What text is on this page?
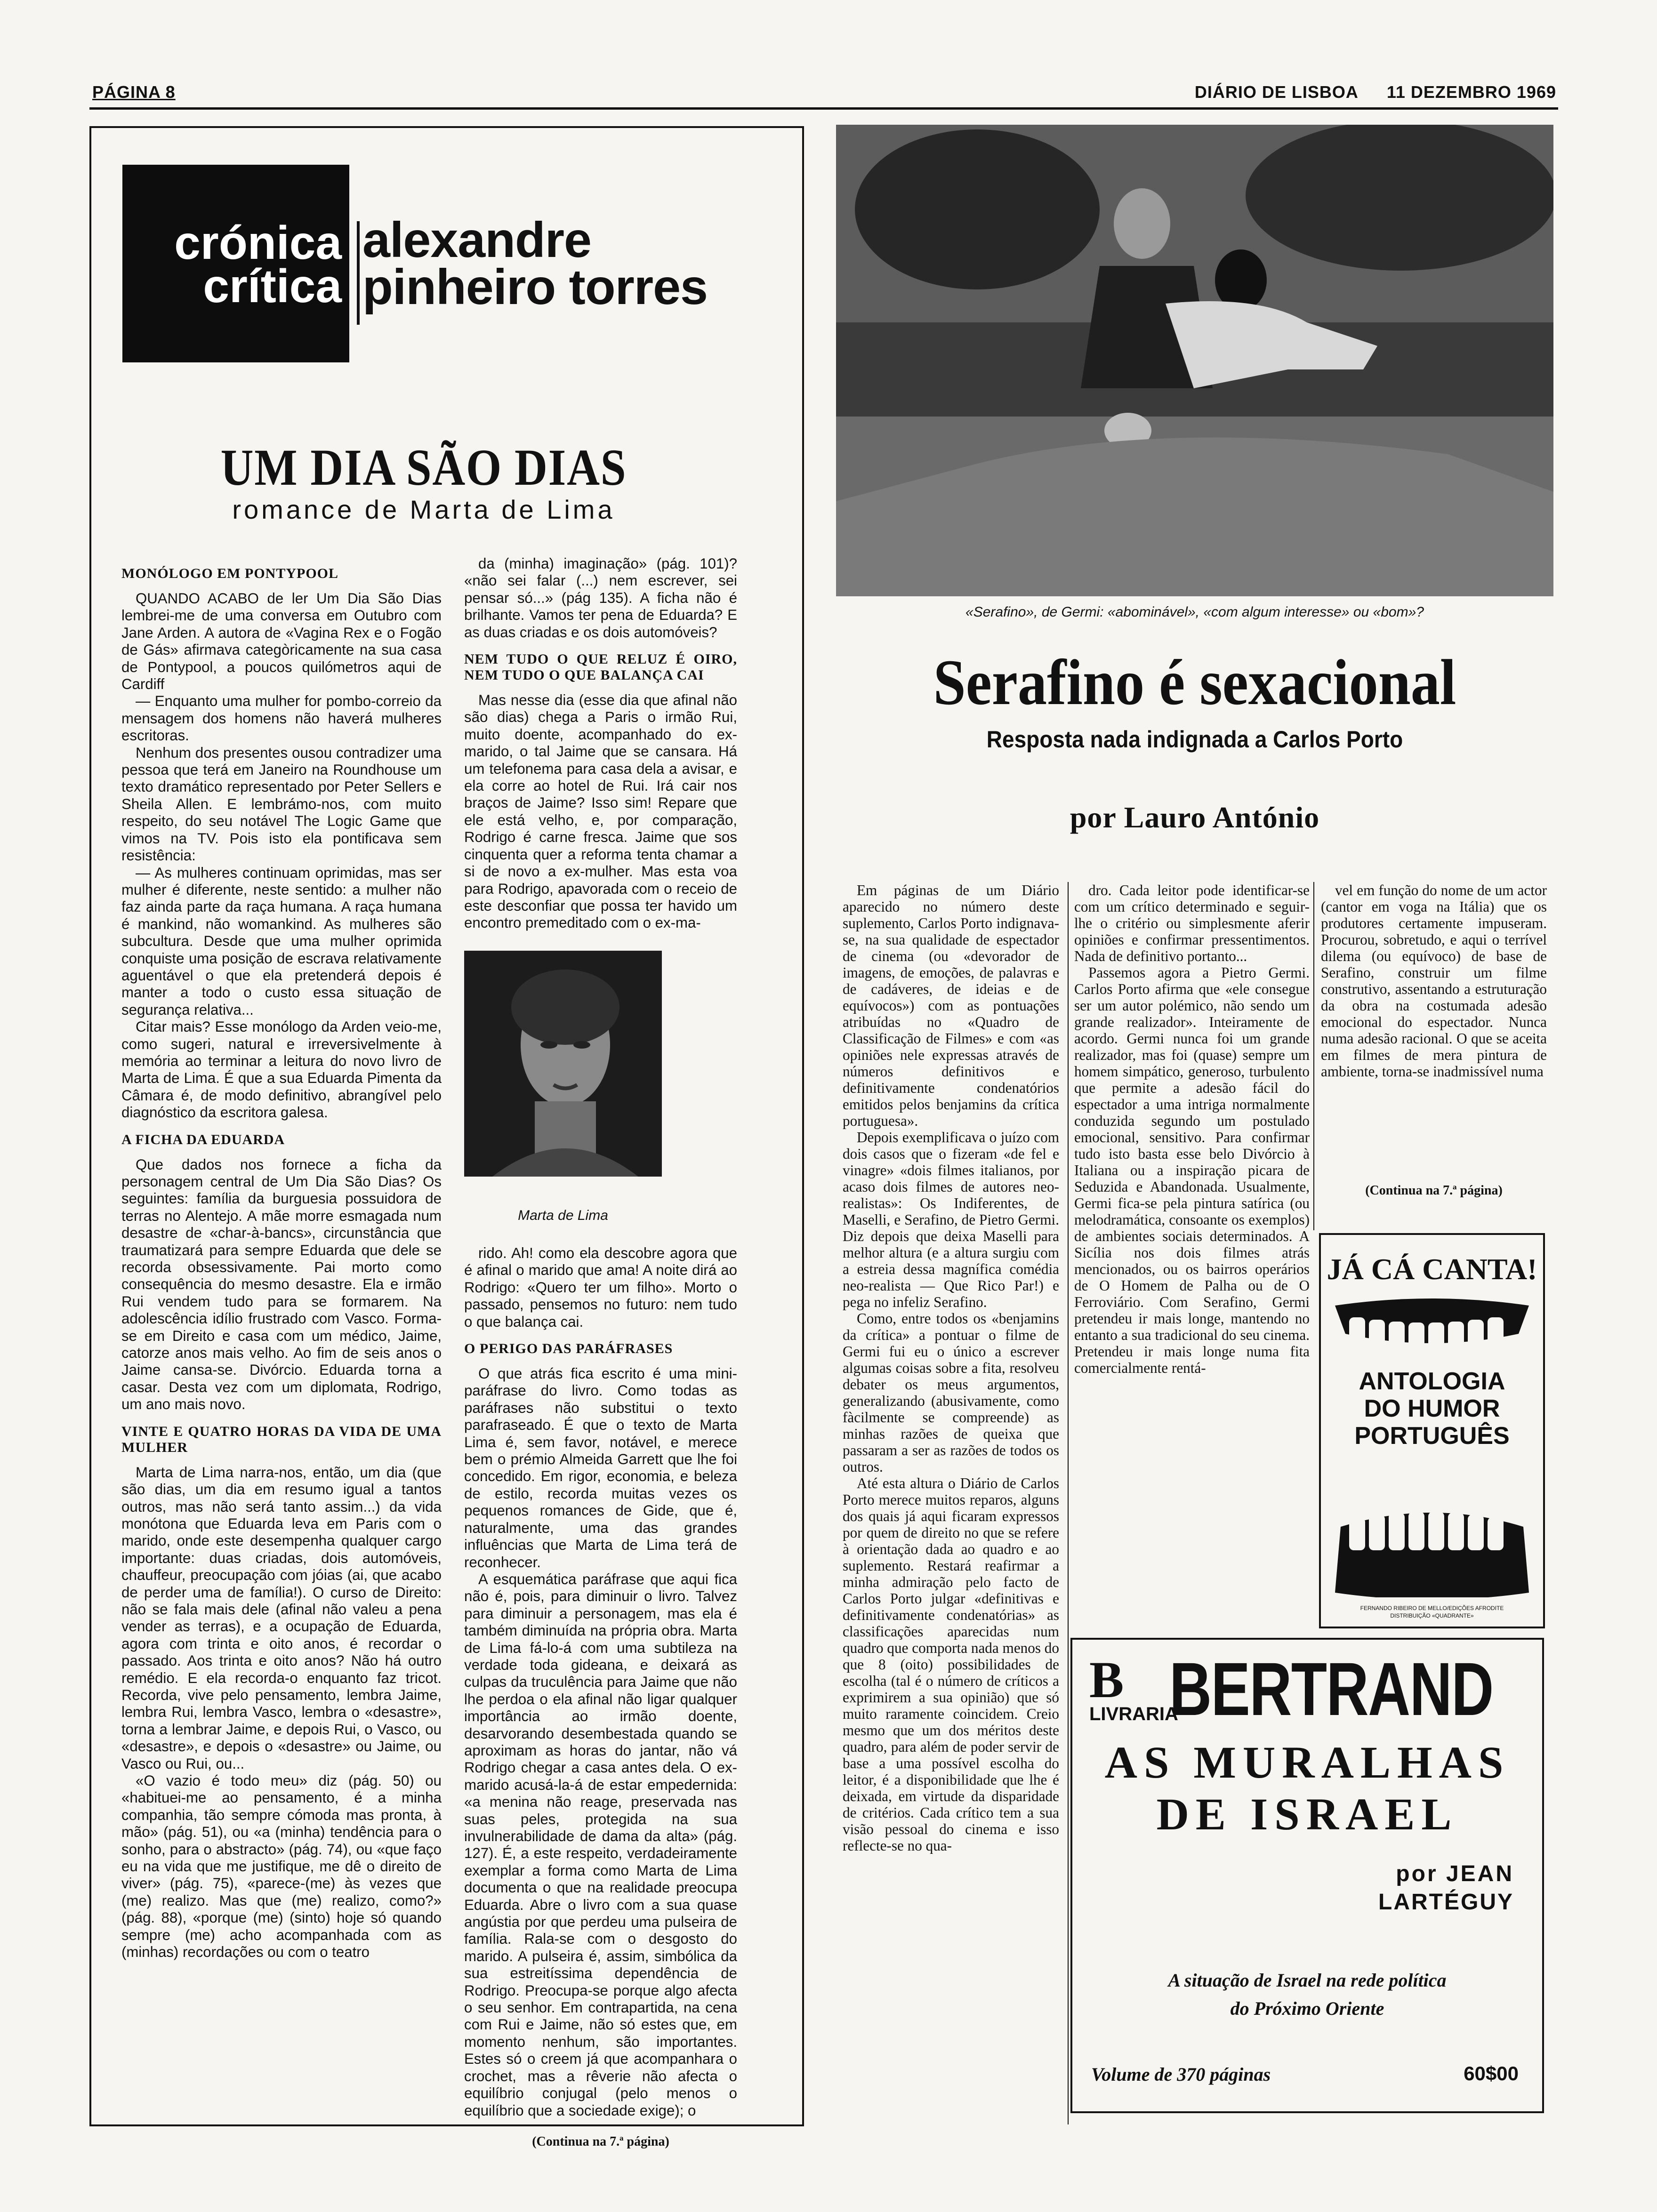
PÁGINA 8	DIÁRIO DE LISBOA 11 DEZEMBRO 1969
crónica
crítica
alexandre
pinheiro torres
UM DIA SÃO DIAS
romance de Marta de Lima

MONÓLOGO EM PONTYPOOL

QUANDO ACABO de ler Um Dia São Dias lembrei-me de uma conversa em Outubro com Jane Arden. A autora de «Vagina Rex e o Fogão de Gás» afirmava categòricamente na sua casa de Pontypool, a poucos quilómetros aqui de Cardiff

— Enquanto uma mulher for pombo-correio da mensagem dos homens não haverá mulheres escritoras.

Nenhum dos presentes ousou contradizer uma pessoa que terá em Janeiro na Roundhouse um texto dramático representado por Peter Sellers e Sheila Allen. E lembrámo-nos, com muito respeito, do seu notável The Logic Game que vimos na TV. Pois isto ela pontificava sem resistência:

— As mulheres continuam oprimidas, mas ser mulher é diferente, neste sentido: a mulher não faz ainda parte da raça humana. A raça humana é mankind, não womankind. As mulheres são subcultura. Desde que uma mulher oprimida conquiste uma posição de escrava relativamente aguentável o que ela pretenderá depois é manter a todo o custo essa situação de segurança relativa...

Citar mais? Esse monólogo da Arden veio-me, como sugeri, natural e irreversivelmente à memória ao terminar a leitura do novo livro de Marta de Lima. É que a sua Eduarda Pimenta da Câmara é, de modo definitivo, abrangível pelo diagnóstico da escritora galesa.

A FICHA DA EDUARDA

Que dados nos fornece a ficha da personagem central de Um Dia São Dias? Os seguintes: família da burguesia possuidora de terras no Alentejo. A mãe morre esmagada num desastre de «char-à-bancs», circunstância que traumatizará para sempre Eduarda que dele se recorda obsessivamente. Pai morto como consequência do mesmo desastre. Ela e irmão Rui vendem tudo para se formarem. Na adolescência idílio frustrado com Vasco. Forma-se em Direito e casa com um médico, Jaime, catorze anos mais velho. Ao fim de seis anos o Jaime cansa-se. Divórcio. Eduarda torna a casar. Desta vez com um diplomata, Rodrigo, um ano mais novo.

VINTE E QUATRO HORAS DA VIDA DE UMA MULHER

Marta de Lima narra-nos, então, um dia (que são dias, um dia em resumo igual a tantos outros, mas não será tanto assim...) da vida monótona que Eduarda leva em Paris com o marido, onde este desempenha qualquer cargo importante: duas criadas, dois automóveis, chauffeur, preocupação com jóias (ai, que acabo de perder uma de família!). O curso de Direito: não se fala mais dele (afinal não valeu a pena vender as terras), e a ocupação de Eduarda, agora com trinta e oito anos, é recordar o passado. Aos trinta e oito anos? Não há outro remédio. E ela recorda-o enquanto faz tricot. Recorda, vive pelo pensamento, lembra Jaime, lembra Rui, lembra Vasco, lembra o «desastre», torna a lembrar Jaime, e depois Rui, o Vasco, ou «desastre», e depois o «desastre» ou Jaime, ou Vasco ou Rui, ou...

«O vazio é todo meu» diz (pág. 50) ou «habituei-me ao pensamento, é a minha companhia, tão sempre cómoda mas pronta, à mão» (pág. 51), ou «a (minha) tendência para o sonho, para o abstracto» (pág. 74), ou «que faço eu na vida que me justifique, me dê o direito de viver» (pág. 75), «parece-(me) às vezes que (me) realizo. Mas que (me) realizo, como?» (pág. 88), «porque (me) (sinto) hoje só quando sempre (me) acho acompanhada com as (minhas) recordações ou com o teatro

da (minha) imaginação» (pág. 101)? «não sei falar (...) nem escrever, sei pensar só...» (pág 135). A ficha não é brilhante. Vamos ter pena de Eduarda? E as duas criadas e os dois automóveis?

NEM TUDO O QUE RELUZ É OIRO, NEM TUDO O QUE BALANÇA CAI

Mas nesse dia (esse dia que afinal não são dias) chega a Paris o irmão Rui, muito doente, acompanhado do ex-marido, o tal Jaime que se cansara. Há um telefonema para casa dela a avisar, e ela corre ao hotel de Rui. Irá cair nos braços de Jaime? Isso sim! Repare que ele está velho, e, por comparação, Rodrigo é carne fresca. Jaime que sos cinquenta quer a reforma tenta chamar a si de novo a ex-mulher. Mas esta voa para Rodrigo, apavorada com o receio de este desconfiar que possa ter havido um encontro premeditado com o ex-ma-

Marta de Lima

rido. Ah! como ela descobre agora que é afinal o marido que ama! A noite dirá ao Rodrigo: «Quero ter um filho». Morto o passado, pensemos no futuro: nem tudo o que balança cai.

O PERIGO DAS PARÁFRASES

O que atrás fica escrito é uma mini-paráfrase do livro. Como todas as paráfrases não substitui o texto parafraseado. É que o texto de Marta Lima é, sem favor, notável, e merece bem o prémio Almeida Garrett que lhe foi concedido. Em rigor, economia, e beleza de estilo, recorda muitas vezes os pequenos romances de Gide, que é, naturalmente, uma das grandes influências que Marta de Lima terá de reconhecer.

A esquemática paráfrase que aqui fica não é, pois, para diminuir o livro. Talvez para diminuir a personagem, mas ela é também diminuída na própria obra. Marta de Lima fá-lo-á com uma subtileza na verdade toda gideana, e deixará as culpas da truculência para Jaime que não lhe perdoa o ela afinal não ligar qualquer importância ao irmão doente, desarvorando desembestada quando se aproximam as horas do jantar, não vá Rodrigo chegar a casa antes dela. O ex-marido acusá-la-á de estar empedernida: «a menina não reage, preservada nas suas peles, protegida na sua invulnerabilidade de dama da alta» (pág. 127). É, a este respeito, verdadeiramente exemplar a forma como Marta de Lima documenta o que na realidade preocupa Eduarda. Abre o livro com a sua quase angústia por que perdeu uma pulseira de família. Rala-se com o desgosto do marido. A pulseira é, assim, simbólica da sua estreitíssima dependência de Rodrigo. Preocupa-se porque algo afecta o seu senhor. Em contrapartida, na cena com Rui e Jaime, não só estes que, em momento nenhum, são importantes. Estes só o creem já que acompanhara o crochet, mas a rêverie não afecta o equilíbrio conjugal (pelo menos o equilíbrio que a sociedade exige); o

(Continua na 7.ª página)

«Serafino», de Germi: «abominável», «com algum interesse» ou «bom»?
Serafino é sexacional
Resposta nada indignada a Carlos Porto
por Lauro António

Em páginas de um Diário aparecido no número deste suplemento, Carlos Porto indignava-se, na sua qualidade de espectador de cinema (ou «devorador de imagens, de emoções, de palavras e de cadáveres, de ideias e de equívocos») com as pontuações atribuídas no «Quadro de Classificação de Filmes» e com «as opiniões nele expressas através de números definitivos e definitivamente condenatórios emitidos pelos benjamins da crítica portuguesa».

Depois exemplificava o juízo com dois casos que o fizeram «de fel e vinagre» «dois filmes italianos, por acaso dois filmes de autores neo-realistas»: Os Indiferentes, de Maselli, e Serafino, de Pietro Germi. Diz depois que deixa Maselli para melhor altura (e a altura surgiu com a estreia dessa magnífica comédia neo-realista — Que Rico Par!) e pega no infeliz Serafino.

Como, entre todos os «benjamins da crítica» a pontuar o filme de Germi fui eu o único a escrever algumas coisas sobre a fita, resolveu debater os meus argumentos, generalizando (abusivamente, como fàcilmente se compreende) as minhas razões de queixa que passaram a ser as razões de todos os outros.

Até esta altura o Diário de Carlos Porto merece muitos reparos, alguns dos quais já aqui ficaram expressos por quem de direito no que se refere à orientação dada ao quadro e ao suplemento. Restará reafirmar a minha admiração pelo facto de Carlos Porto julgar «definitivas e definitivamente condenatórias» as classificações aparecidas num quadro que comporta nada menos do que 8 (oito) possibilidades de escolha (tal é o número de críticos a exprimirem a sua opinião) que só muito raramente coincidem. Creio mesmo que um dos méritos deste quadro, para além de poder servir de base a uma possível escolha do leitor, é a disponibilidade que lhe é deixada, em virtude da disparidade de critérios. Cada crítico tem a sua visão pessoal do cinema e isso reflecte-se no qua-

dro. Cada leitor pode identificar-se com um crítico determinado e seguir-lhe o critério ou simplesmente aferir opiniões e confirmar pressentimentos. Nada de definitivo portanto...

Passemos agora a Pietro Germi. Carlos Porto afirma que «ele consegue ser um autor polémico, não sendo um grande realizador». Inteiramente de acordo. Germi nunca foi um grande realizador, mas foi (quase) sempre um homem simpático, generoso, turbulento que permite a adesão fácil do espectador a uma intriga normalmente conduzida segundo um postulado emocional, sensitivo. Para confirmar tudo isto basta esse belo Divórcio à Italiana ou a inspiração picara de Seduzida e Abandonada. Usualmente, Germi fica-se pela pintura satírica (ou melodramática, consoante os exemplos) de ambientes sociais determinados. A Sicília nos dois filmes atrás mencionados, ou os bairros operários de O Homem de Palha ou de O Ferroviário. Com Serafino, Germi pretendeu ir mais longe, mantendo no entanto a sua tradicional do seu cinema. Pretendeu ir mais longe numa fita comercialmente rentá-

vel em função do nome de um actor (cantor em voga na Itália) que os produtores certamente impuseram. Procurou, sobretudo, e aqui o terrível dilema (ou equívoco) de base de Serafino, construir um filme construtivo, assentando a estruturação da obra na costumada adesão emocional do espectador. Nunca numa adesão racional. O que se aceita em filmes de mera pintura de ambiente, torna-se inadmissível numa

(Continua na 7.ª página)
JÁ CÁ CANTA!
ANTOLOGIA
DO HUMOR
PORTUGUÊS
FERNANDO RIBEIRO DE MELLO/EDIÇÕES AFRODITE
DISTRIBUIÇÃO «QUADRANTE»
B
LIVRARIA
BERTRAND
AS MURALHAS
DE ISRAEL
por JEAN
LARTÉGUY
A situação de Israel na rede política
do Próximo Oriente
Volume de 370 páginas	60$00
